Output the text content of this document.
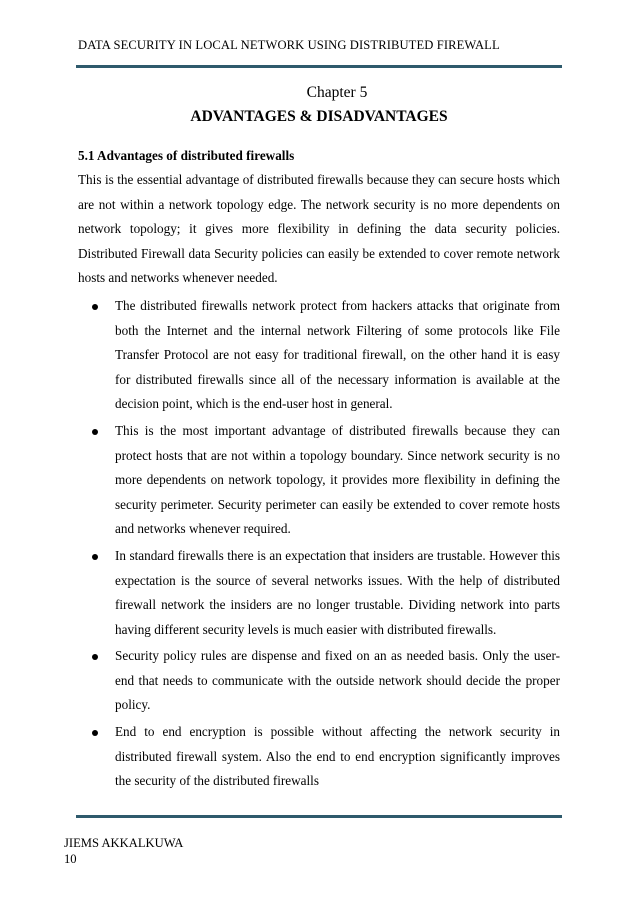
DATA SECURITY IN LOCAL NETWORK USING DISTRIBUTED FIREWALL
Chapter 5
ADVANTAGES & DISADVANTAGES

5.1 Advantages of distributed firewalls

This is the essential advantage of distributed firewalls because they can secure hosts which are not within a network topology edge. The network security is no more dependents on network topology; it gives more flexibility in defining the data security policies. Distributed Firewall data Security policies can easily be extended to cover remote network hosts and networks whenever needed.

The distributed firewalls network protect from hackers attacks that originate from both the Internet and the internal network Filtering of some protocols like File Transfer Protocol are not easy for traditional firewall, on the other hand it is easy for distributed firewalls since all of the necessary information is available at the decision point, which is the end-user host in general.
This is the most important advantage of distributed firewalls because they can protect hosts that are not within a topology boundary. Since network security is no more dependents on network topology, it provides more flexibility in defining the security perimeter. Security perimeter can easily be extended to cover remote hosts and networks whenever required.
In standard firewalls there is an expectation that insiders are trustable. However this expectation is the source of several networks issues. With the help of distributed firewall network the insiders are no longer trustable. Dividing network into parts having different security levels is much easier with distributed firewalls.
Security policy rules are dispense and fixed on an as needed basis. Only the user-end that needs to communicate with the outside network should decide the proper policy.
End to end encryption is possible without affecting the network security in distributed firewall system. Also the end to end encryption significantly improves the security of the distributed firewalls
JIEMS AKKALKUWA
10
